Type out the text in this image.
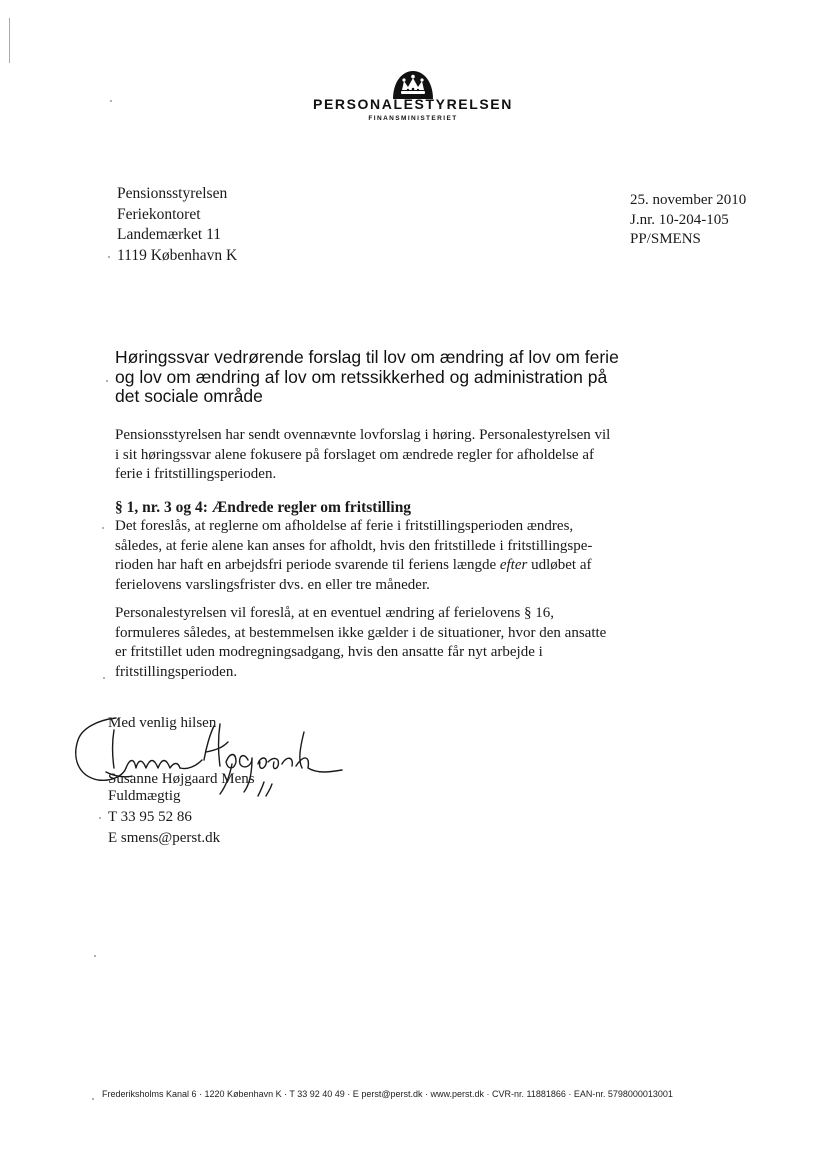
PERSONALESTYRELSEN
FINANSMINISTERIET
Pensionsstyrelsen
Feriekontoret
Landemærket 11
1119 København K
25. november 2010
J.nr. 10-204-105
PP/SMENS
Høringssvar vedrørende forslag til lov om ændring af lov om ferie
og lov om ændring af lov om retssikkerhed og administration på
det sociale område
Pensionsstyrelsen har sendt ovennævnte lovforslag i høring. Personalestyrelsen vil
i sit høringssvar alene fokusere på forslaget om ændrede regler for afholdelse af
ferie i fritstillingsperioden.
§ 1, nr. 3 og 4: Ændrede regler om fritstilling
Det foreslås, at reglerne om afholdelse af ferie i fritstillingsperioden ændres,
således, at ferie alene kan anses for afholdt, hvis den fritstillede i fritstillingspe-
rioden har haft en arbejdsfri periode svarende til feriens længde efter udløbet af
ferielovens varslingsfrister dvs. en eller tre måneder.
Personalestyrelsen vil foreslå, at en eventuel ændring af ferielovens § 16,
formuleres således, at bestemmelsen ikke gælder i de situationer, hvor den ansatte
er fritstillet uden modregningsadgang, hvis den ansatte får nyt arbejde i
fritstillingsperioden.
Med venlig hilsen
Susanne Højgaard Mens
Fuldmægtig
T 33 95 52 86
E smens@perst.dk
Frederiksholms Kanal 6 · 1220 København K · T 33 92 40 49 · E perst@perst.dk · www.perst.dk · CVR-nr. 11881866 · EAN-nr. 5798000013001
